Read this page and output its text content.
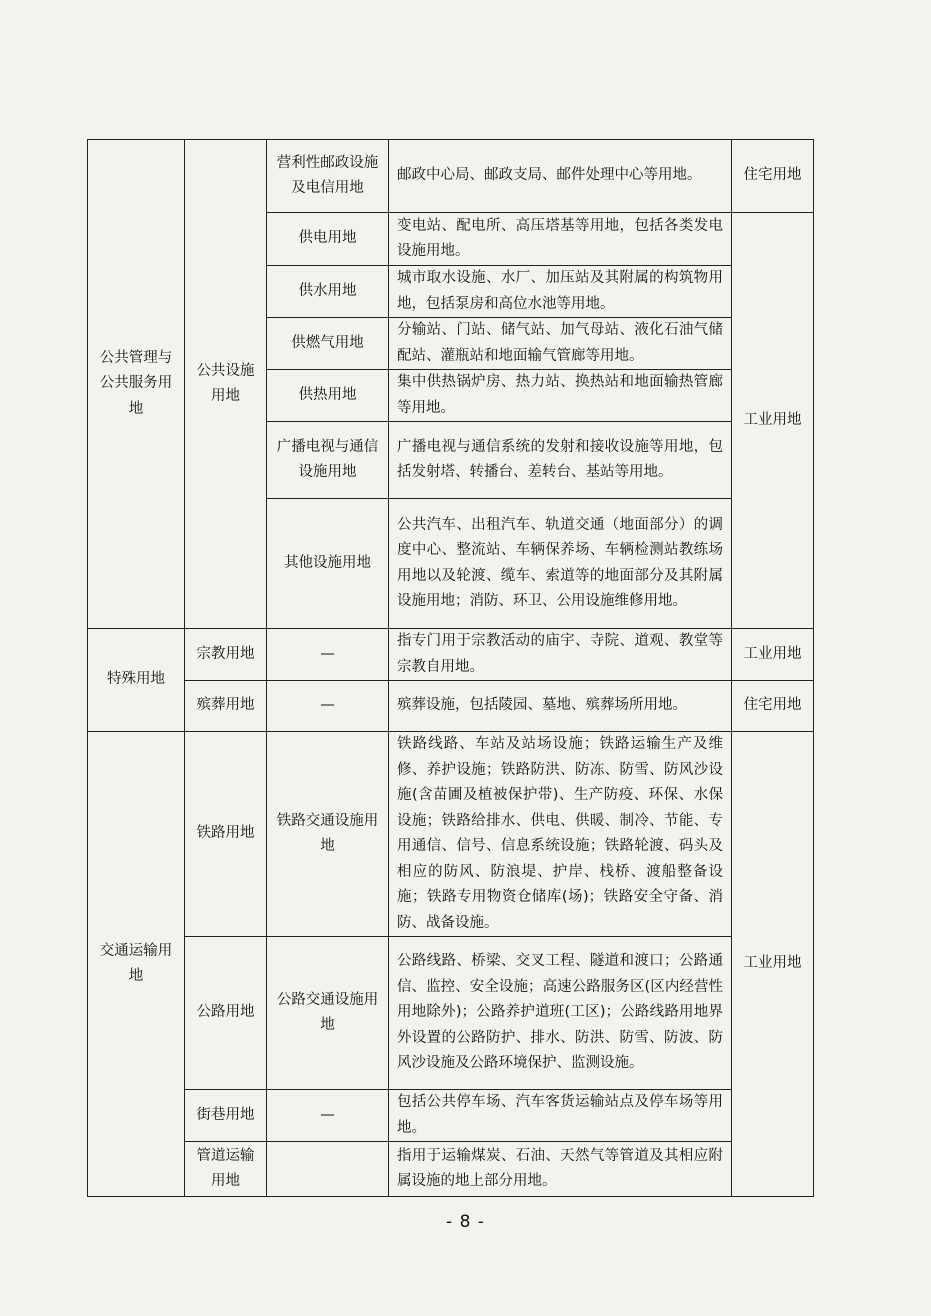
公共管理与公共服务用地	公共设施用地	营利性邮政设施及电信用地	邮政中心局、邮政支局、邮件处理中心等用地。	住宅用地
		供电用地	变电站、配电所、高压塔基等用地，包括各类发电设施用地。	工业用地
		供水用地	城市取水设施、水厂、加压站及其附属的构筑物用地，包括泵房和高位水池等用地。	
		供燃气用地	分输站、门站、储气站、加气母站、液化石油气储配站、灌瓶站和地面输气管廊等用地。	
		供热用地	集中供热锅炉房、热力站、换热站和地面输热管廊等用地。	
		广播电视与通信设施用地	广播电视与通信系统的发射和接收设施等用地，包括发射塔、转播台、差转台、基站等用地。	
		其他设施用地	公共汽车、出租汽车、轨道交通（地面部分）的调度中心、整流站、车辆保养场、车辆检测站教练场用地以及轮渡、缆车、索道等的地面部分及其附属设施用地；消防、环卫、公用设施维修用地。	
特殊用地	宗教用地	—	指专门用于宗教活动的庙宇、寺院、道观、教堂等宗教自用地。	工业用地
	殡葬用地	—	殡葬设施，包括陵园、墓地、殡葬场所用地。	住宅用地
交通运输用地	铁路用地	铁路交通设施用地	铁路线路、车站及站场设施；铁路运输生产及维修、养护设施；铁路防洪、防冻、防雪、防风沙设施(含苗圃及植被保护带)、生产防疫、环保、水保设施；铁路给排水、供电、供暖、制冷、节能、专用通信、信号、信息系统设施；铁路轮渡、码头及相应的防风、防浪堤、护岸、栈桥、渡船整备设施；铁路专用物资仓储库(场)；铁路安全守备、消防、战备设施。	工业用地
	公路用地	公路交通设施用地	公路线路、桥梁、交叉工程、隧道和渡口；公路通信、监控、安全设施；高速公路服务区(区内经营性用地除外)；公路养护道班(工区)；公路线路用地界外设置的公路防护、排水、防洪、防雪、防波、防风沙设施及公路环境保护、监测设施。	
	街巷用地	—	包括公共停车场、汽车客货运输站点及停车场等用地。	
	管道运输用地		指用于运输煤炭、石油、天然气等管道及其相应附属设施的地上部分用地。	
- 8 -
